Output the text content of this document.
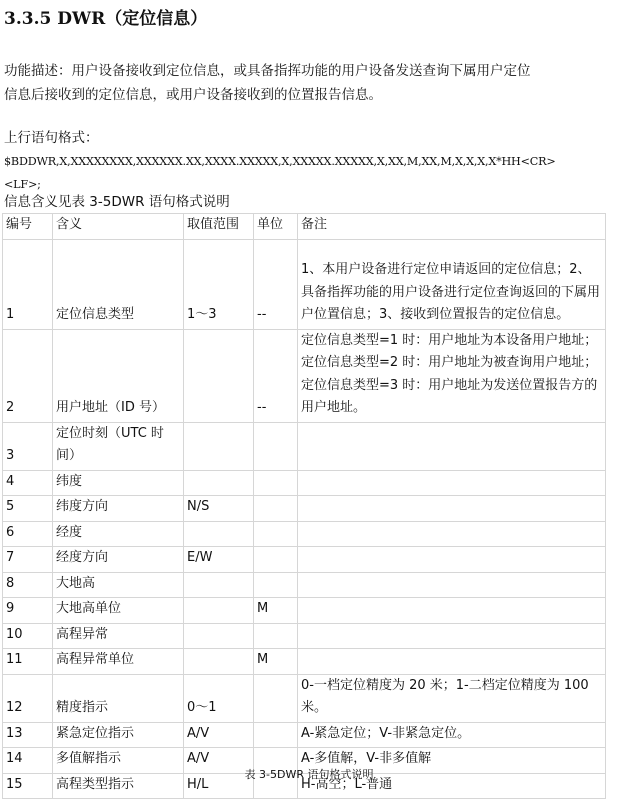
3.3.5 DWR（定位信息）
功能描述：用户设备接收到定位信息，或具备指挥功能的用户设备发送查询下属用户定位
信息后接收到的定位信息，或用户设备接收到的位置报告信息。
上行语句格式：
$BDDWR,X,XXXXXXXX,XXXXXX.XX,XXXX.XXXXX,X,XXXXX.XXXXX,X,XX,M,XX,M,X,X,X,X*HH<CR>
<LF>;
信息含义见表 3-5DWR 语句格式说明
编号	含义	取值范围	单位	备注
1	定位信息类型	1～3	--	1、本用户设备进行定位申请返回的定位信息；2、具备指挥功能的用户设备进行定位查询返回的下属用户位置信息；3、接收到位置报告的定位信息。
2	用户地址（ID 号）		--	定位信息类型=1 时：用户地址为本设备用户地址；定位信息类型=2 时：用户地址为被查询用户地址；定位信息类型=3 时：用户地址为发送位置报告方的用户地址。
3	定位时刻（UTC 时间）			
4	纬度			
5	纬度方向	N/S		
6	经度			
7	经度方向	E/W		
8	大地高			
9	大地高单位		M	
10	高程异常			
11	高程异常单位		M	
12	精度指示	0～1		0-一档定位精度为 20 米；1-二档定位精度为 100 米。
13	紧急定位指示	A/V		A-紧急定位；V-非紧急定位。
14	多值解指示	A/V		A-多值解，V-非多值解
15	高程类型指示	H/L		H-高空；L-普通
表 3-5DWR 语句格式说明
